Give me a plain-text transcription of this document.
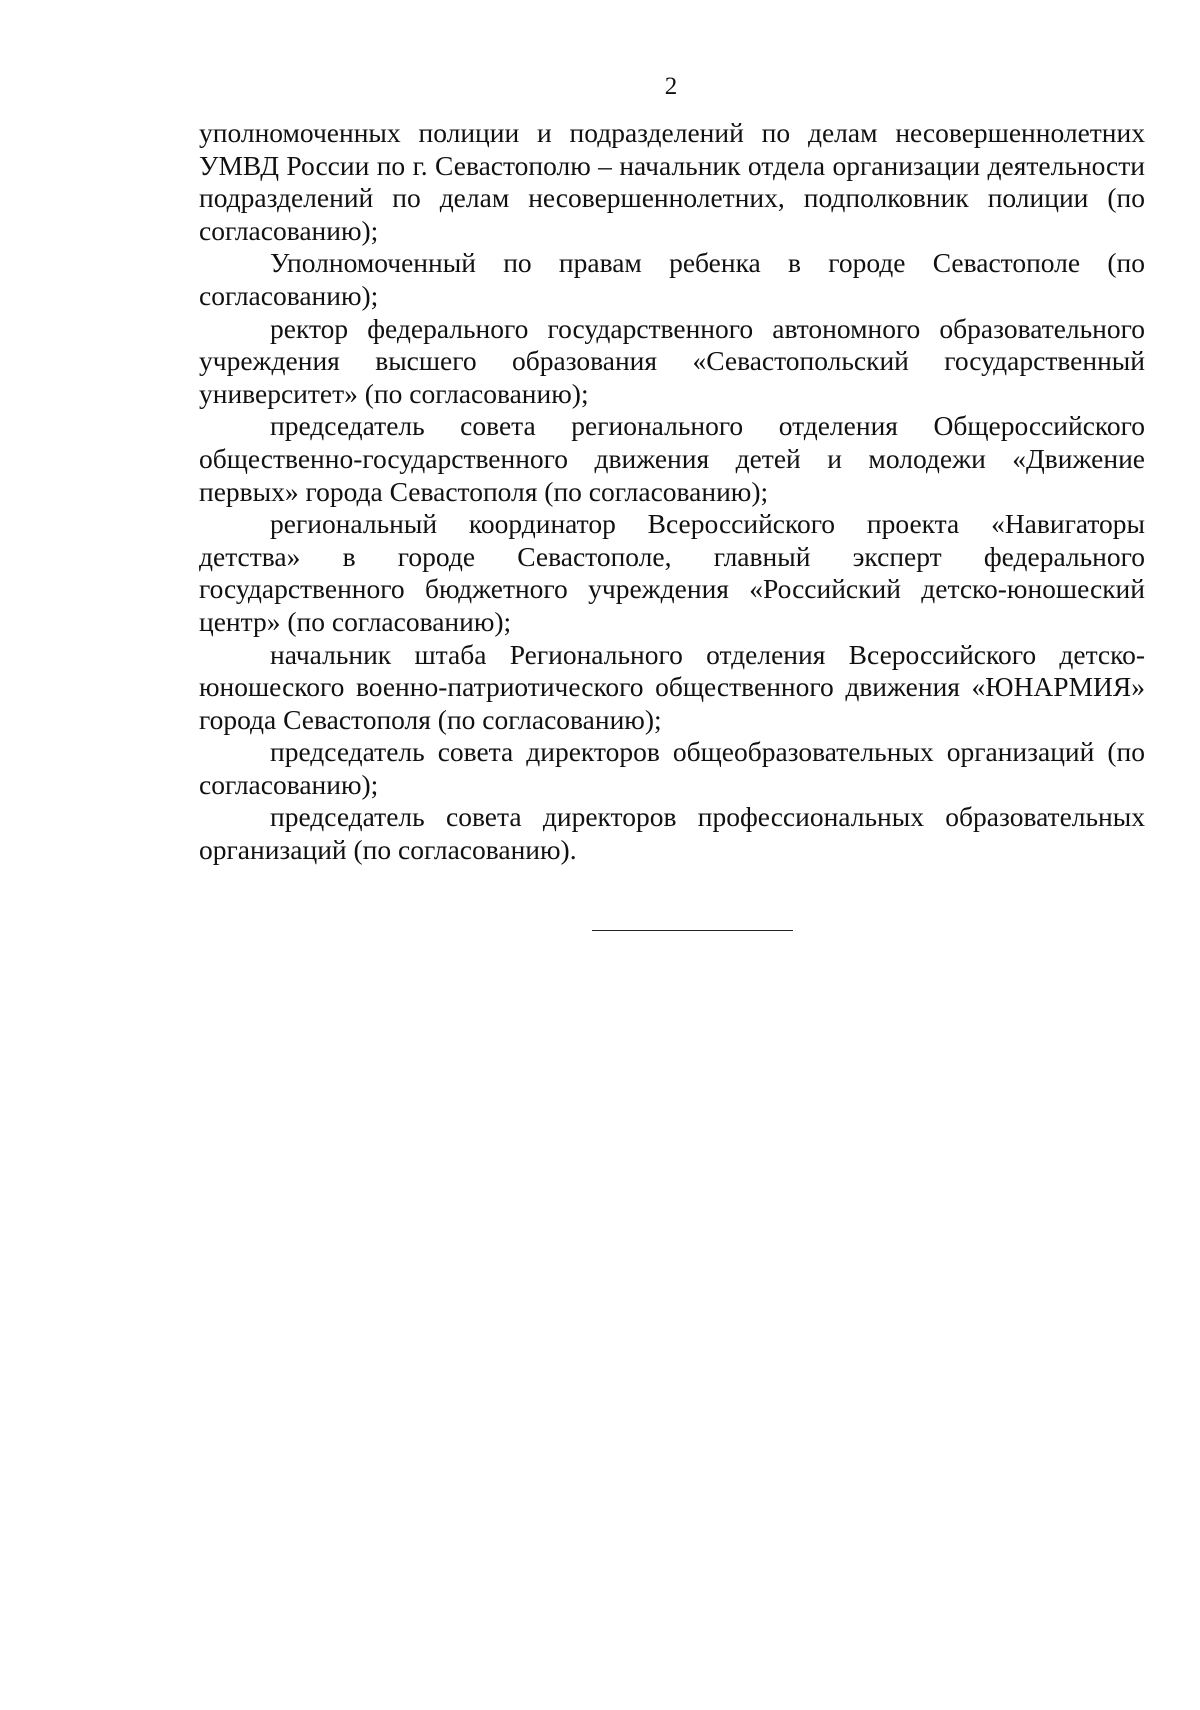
2

уполномоченных полиции и подразделений по делам несовершеннолетних УМВД России по г. Севастополю – начальник отдела организации деятельности подразделений по делам несовершеннолетних, подполковник полиции (по согласованию);

Уполномоченный по правам ребенка в городе Севастополе (по согласованию);

ректор федерального государственного автономного образовательного учреждения высшего образования «Севастопольский государственный университет» (по согласованию);

председатель совета регионального отделения Общероссийского общественно-государственного движения детей и молодежи «Движение первых» города Севастополя (по согласованию);

региональный координатор Всероссийского проекта «Навигаторы детства» в городе Севастополе, главный эксперт федерального государственного бюджетного учреждения «Российский детско-юношеский центр» (по согласованию);

начальник штаба Регионального отделения Всероссийского детско-юношеского военно-патриотического общественного движения «ЮНАРМИЯ» города Севастополя (по согласованию);

председатель совета директоров общеобразовательных организаций (по согласованию);

председатель совета директоров профессиональных образовательных организаций (по согласованию).
